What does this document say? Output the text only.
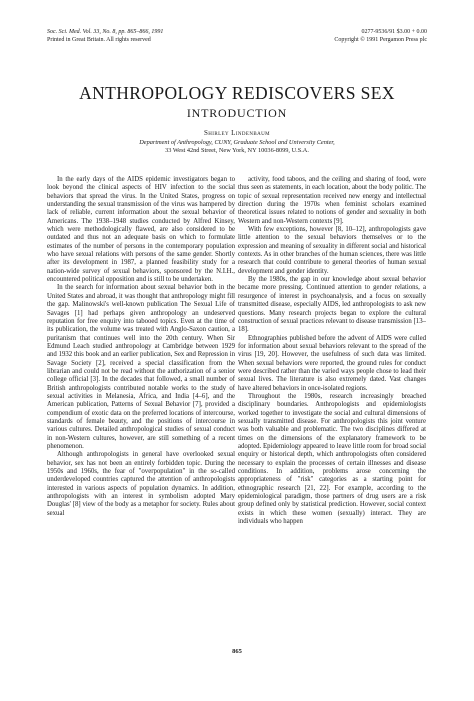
Soc. Sci. Med. Vol. 33, No. 8, pp. 865–866, 1991	0277-9536/91 $3.00 + 0.00
Printed in Great Britain. All rights reserved	Copyright © 1991 Pergamon Press plc
ANTHROPOLOGY REDISCOVERS SEX
INTRODUCTION
Shirley Lindenbaum
Department of Anthropology, CUNY, Graduate School and University Center,
33 West 42nd Street, New York, NY 10036-8099, U.S.A.

In the early days of the AIDS epidemic investigators began to look beyond the clinical aspects of HIV infection to the social behaviors that spread the virus. In the United States, progress on understanding the sexual transmission of the virus was hampered by lack of reliable, current information about the sexual behavior of Americans. The 1938–1948 studies conducted by Alfred Kinsey, which were methodologically flawed, are also considered to be outdated and thus not an adequate basis on which to formulate estimates of the number of persons in the contemporary population who have sexual relations with persons of the same gender. Shortly after its development in 1987, a planned feasibility study for a nation-wide survey of sexual behaviors, sponsored by the N.I.H., encountered political opposition and is still to be undertaken.

In the search for information about sexual behavior both in the United States and abroad, it was thought that anthropology might fill the gap. Malinowski's well-known publication The Sexual Life of Savages [1] had perhaps given anthropology an undeserved reputation for free enquiry into tabooed topics. Even at the time of its publication, the volume was treated with Anglo-Saxon caution, a puritanism that continues well into the 20th century. When Sir Edmund Leach studied anthropology at Cambridge between 1929 and 1932 this book and an earlier publication, Sex and Repression in Savage Society [2], received a special classification from the librarian and could not be read without the authorization of a senior college official [3]. In the decades that followed, a small number of British anthropologists contributed notable works to the study of sexual activities in Melanesia, Africa, and India [4–6], and the American publication, Patterns of Sexual Behavior [7], provided a compendium of exotic data on the preferred locations of intercourse, standards of female beauty, and the positions of intercourse in various cultures. Detailed anthropological studies of sexual conduct in non-Western cultures, however, are still something of a recent phenomenon.

Although anthropologists in general have overlooked sexual behavior, sex has not been an entirely forbidden topic. During the 1950s and 1960s, the fear of "overpopulation" in the so-called underdeveloped countries captured the attention of anthropologists interested in various aspects of population dynamics. In addition, anthropologists with an interest in symbolism adopted Mary Douglas' [8] view of the body as a metaphor for society. Rules about sexual

activity, food taboos, and the ceiling and sharing of food, were thus seen as statements, in each location, about the body politic. The topic of sexual representation received new energy and intellectual direction during the 1970s when feminist scholars examined theoretical issues related to notions of gender and sexuality in both Western and non-Western contexts [9].

With few exceptions, however [8, 10–12], anthropologists gave little attention to the sexual behaviors themselves or to the expression and meaning of sexuality in different social and historical contexts. As in other branches of the human sciences, there was little research that could contribute to general theories of human sexual development and gender identity.

By the 1980s, the gap in our knowledge about sexual behavior became more pressing. Continued attention to gender relations, a resurgence of interest in psychoanalysis, and a focus on sexually transmitted disease, especially AIDS, led anthropologists to ask new questions. Many research projects began to explore the cultural construction of sexual practices relevant to disease transmission [13–18].

Ethnographies published before the advent of AIDS were culled for information about sexual behaviors relevant to the spread of the virus [19, 20]. However, the usefulness of such data was limited. When sexual behaviors were reported, the ground rules for conduct were described rather than the varied ways people chose to lead their sexual lives. The literature is also extremely dated. Vast changes have altered behaviors in once-isolated regions.

Throughout the 1980s, research increasingly breached disciplinary boundaries. Anthropologists and epidemiologists worked together to investigate the social and cultural dimensions of sexually transmitted disease. For anthropologists this joint venture was both valuable and problematic. The two disciplines differed at times on the dimensions of the explanatory framework to be adopted. Epidemiology appeared to leave little room for broad social enquiry or historical depth, which anthropologists often considered necessary to explain the processes of certain illnesses and disease conditions. In addition, problems arose concerning the appropriateness of "risk" categories as a starting point for ethnographic research [21, 22]. For example, according to the epidemiological paradigm, those partners of drug users are a risk group defined only by statistical prediction. However, social context exists in which these women (sexually) interact. They are individuals who happen

865
